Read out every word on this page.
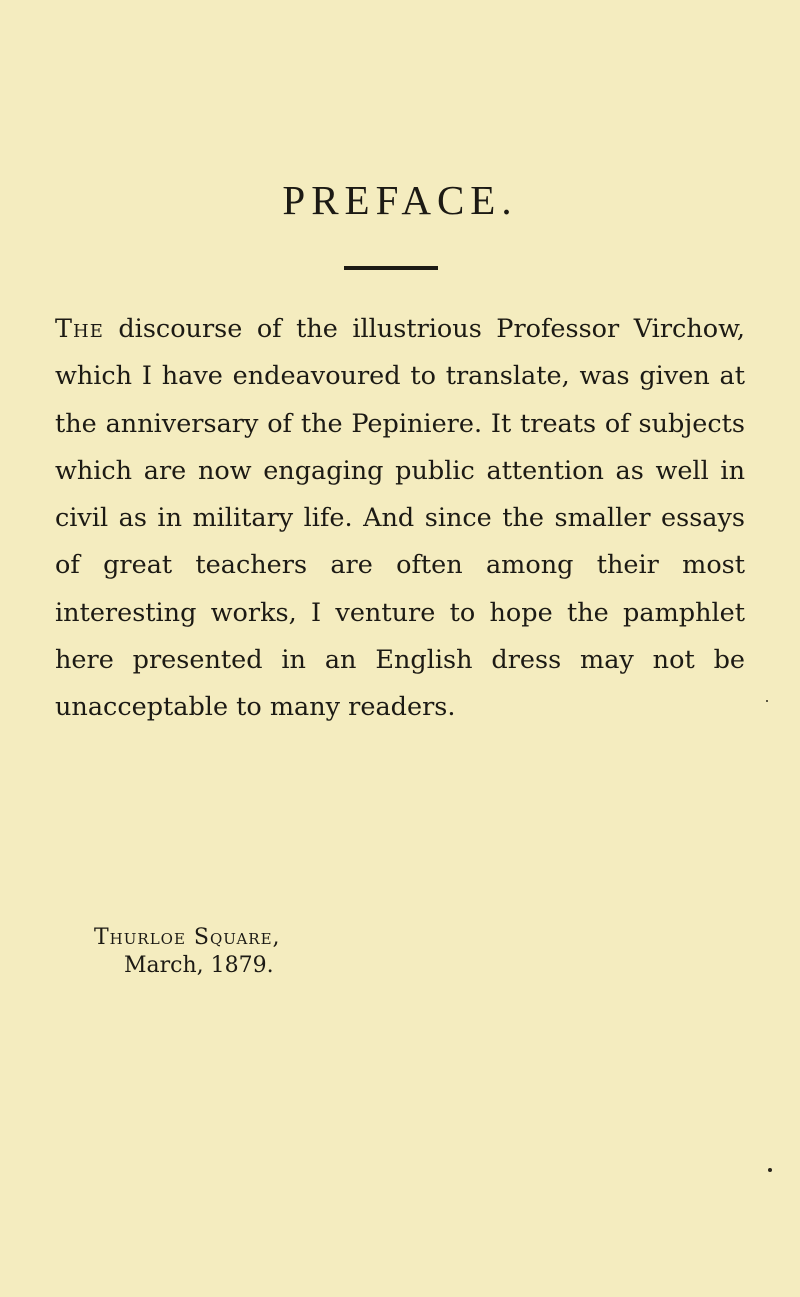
PREFACE.

The discourse of the illustrious Professor Virchow, which I have endeavoured to translate, was given at the anniversary of the Pepiniere. It treats of subjects which are now engaging public attention as well in civil as in military life. And since the smaller essays of great teachers are often among their most interesting works, I venture to hope the pamphlet here presented in an English dress may not be unacceptable to many readers.

Thurloe Square,
March, 1879.
